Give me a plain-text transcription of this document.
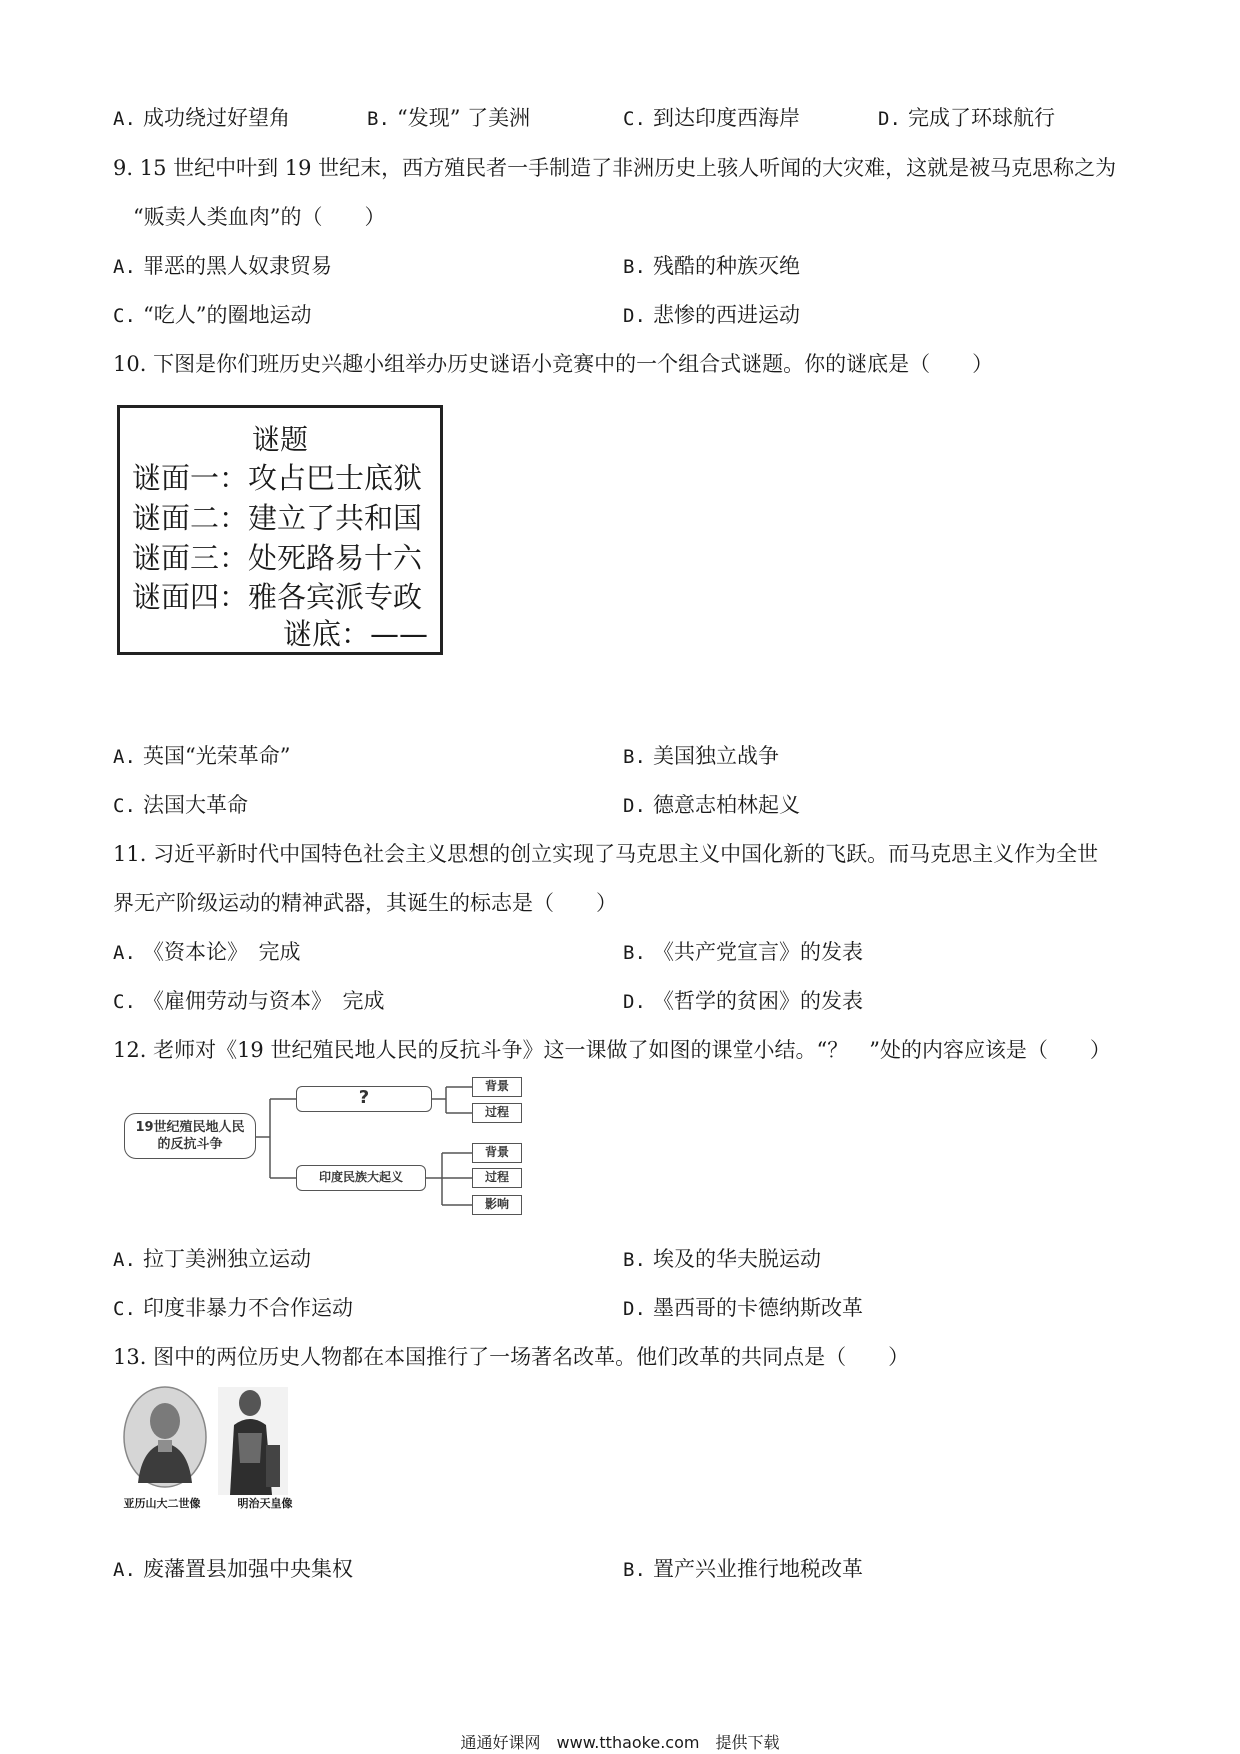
A. 成功绕过好望角	B. “发现” 了美洲	C. 到达印度西海岸	D. 完成了环球航行
9. 15 世纪中叶到 19 世纪末，西方殖民者一手制造了非洲历史上骇人听闻的大灾难，这就是被马克思称之为
“贩卖人类血肉”的（　　）
A. 罪恶的黑人奴隶贸易	B. 残酷的种族灭绝
C. “吃人”的圈地运动	D. 悲惨的西进运动
10. 下图是你们班历史兴趣小组举办历史谜语小竞赛中的一个组合式谜题。你的谜底是（　　）
谜题
谜面一：攻占巴士底狱
谜面二：建立了共和国
谜面三：处死路易十六
谜面四：雅各宾派专政
谜底：——
A. 英国“光荣革命”	B. 美国独立战争
C. 法国大革命	D. 德意志柏林起义
11. 习近平新时代中国特色社会主义思想的创立实现了马克思主义中国化新的飞跃。而马克思主义作为全世
界无产阶级运动的精神武器，其诞生的标志是（　　）
A. 《资本论》　完成	B. 《共产党宣言》的发表
C. 《雇佣劳动与资本》　完成	D. 《哲学的贫困》的发表
12. 老师对《19 世纪殖民地人民的反抗斗争》这一课做了如图的课堂小结。“？　”处的内容应该是（　　）
19世纪殖民地人民的反抗斗争
?
印度民族大起义
背景
过程
背景
过程
影响
A. 拉丁美洲独立运动	B. 埃及的华夫脱运动
C. 印度非暴力不合作运动	D. 墨西哥的卡德纳斯改革
13. 图中的两位历史人物都在本国推行了一场著名改革。他们改革的共同点是（　　）
亚历山大二世像	明治天皇像
A. 废藩置县加强中央集权	B. 置产兴业推行地税改革
通通好课网　www.tthaoke.com　提供下载
